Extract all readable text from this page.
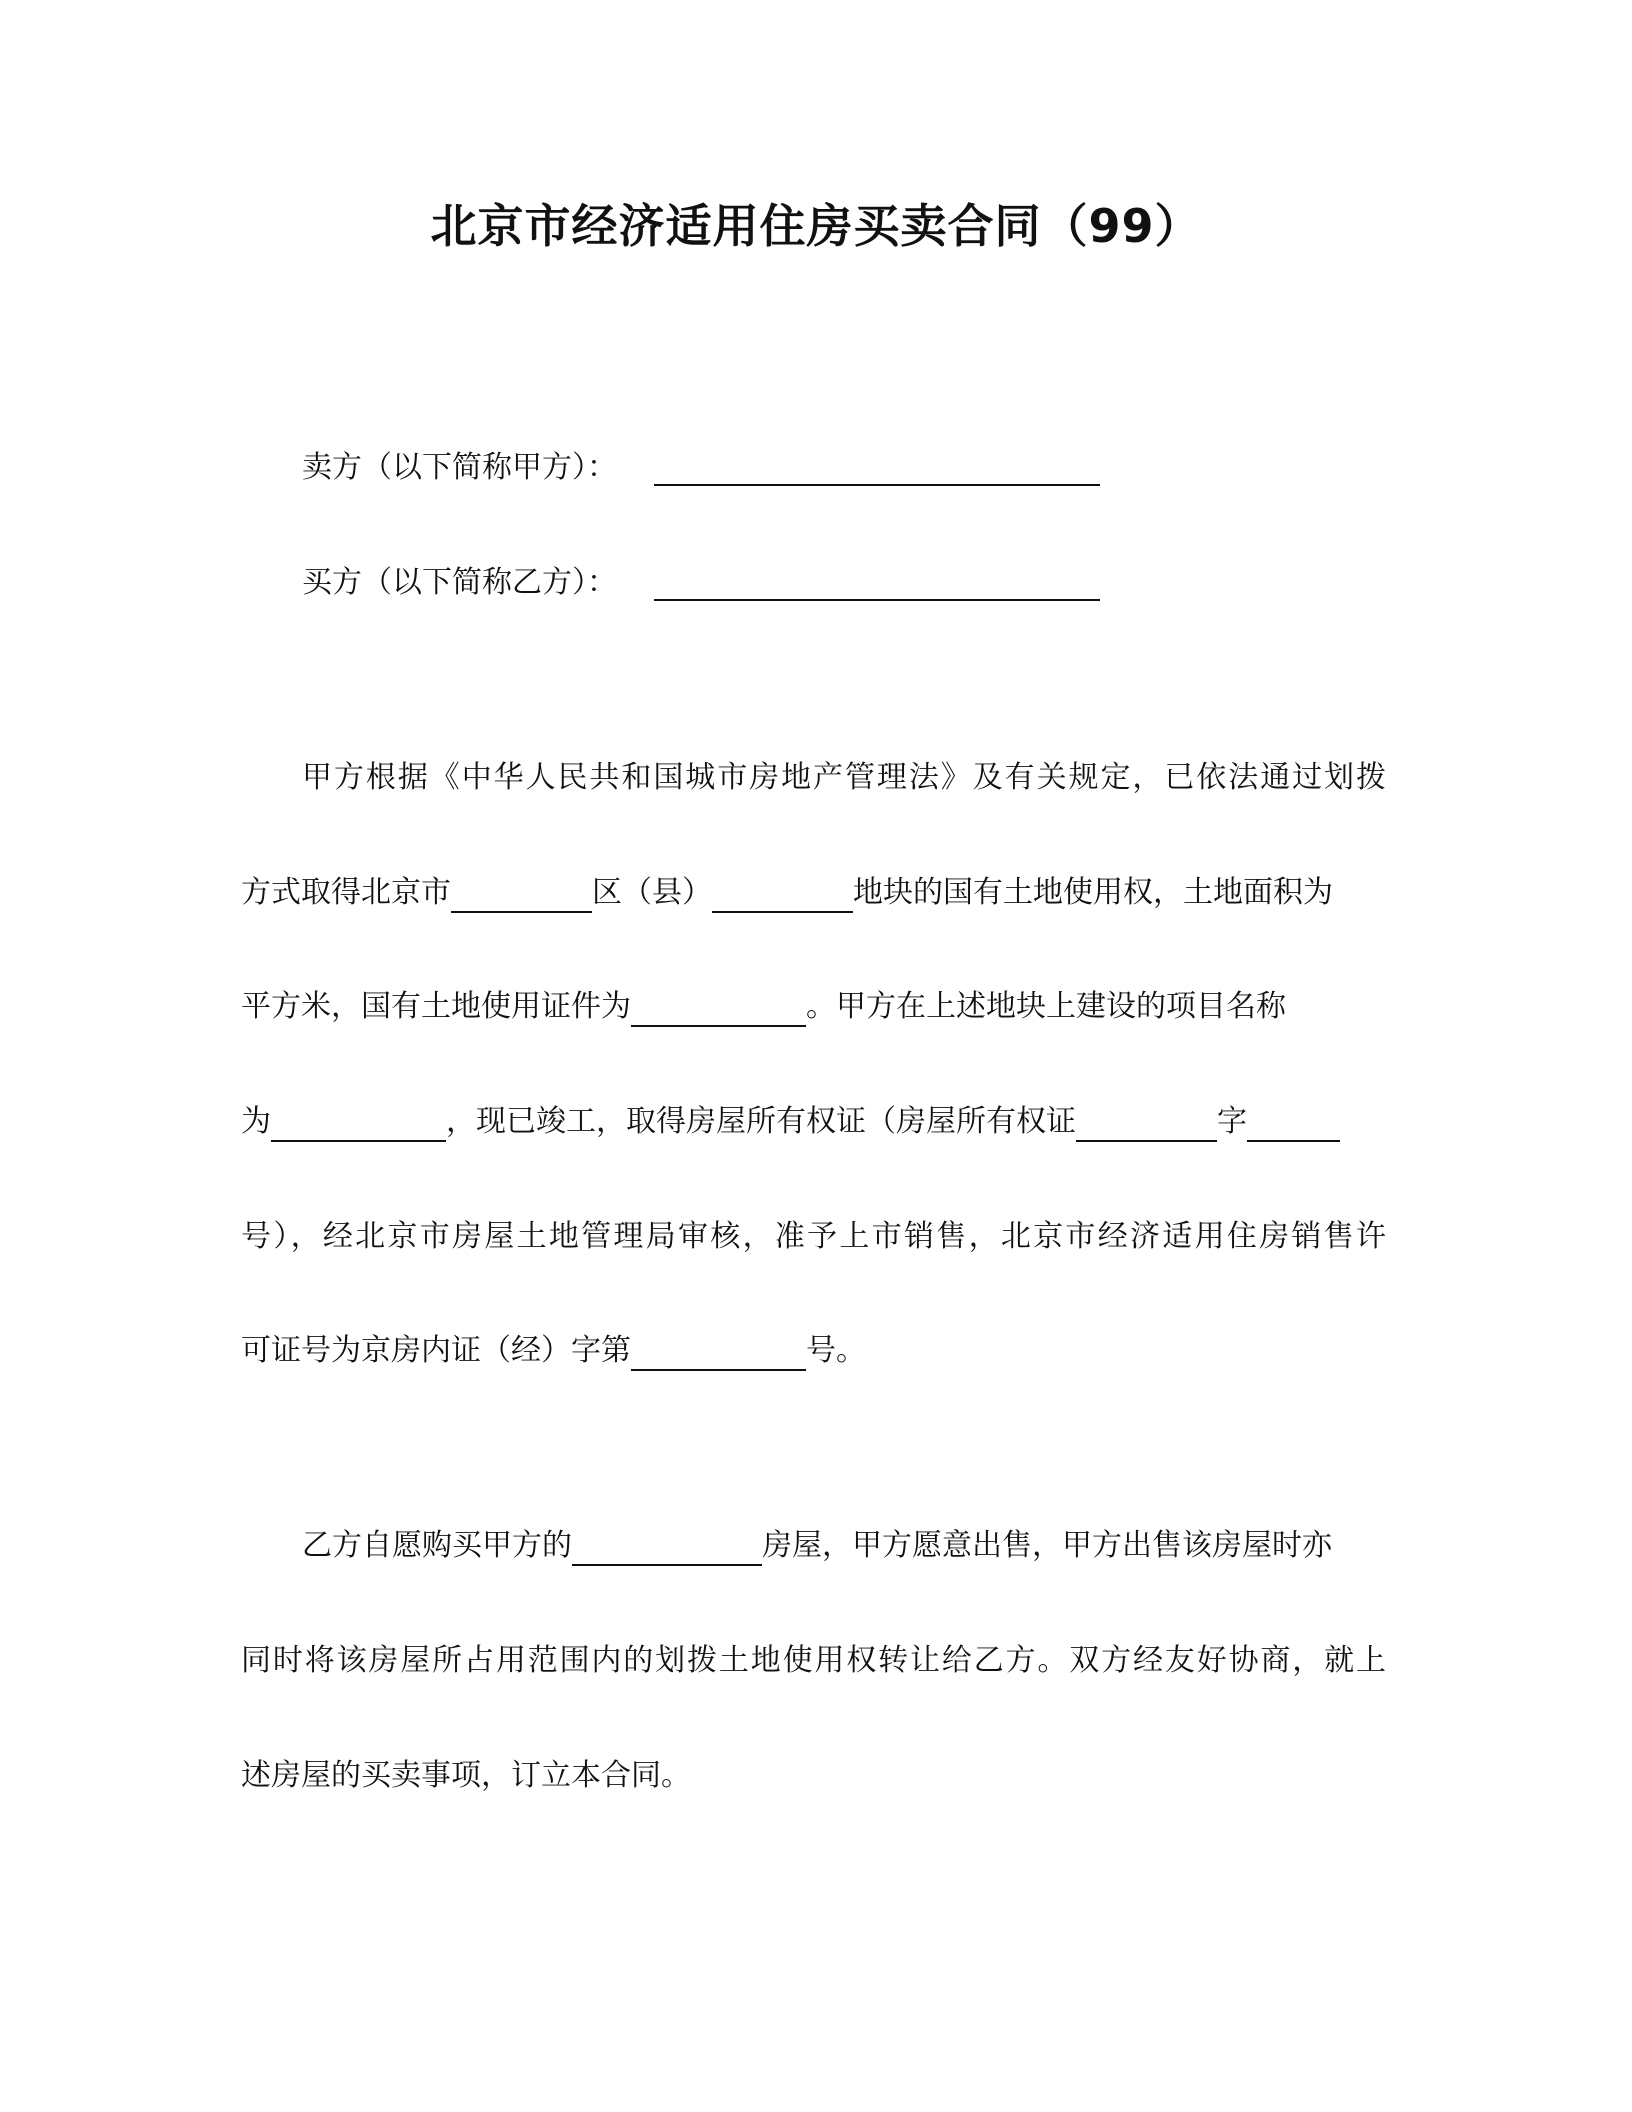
北京市经济适用住房买卖合同（99）
卖方（以下简称甲方）：
买方（以下简称乙方）：
甲方根据《中华人民共和国城市房地产管理法》及有关规定，已依法通过划拨
方式取得北京市	区（县）	地块的国有土地使用权，土地面积为
平方米，国有土地使用证件为	。甲方在上述地块上建设的项目名称
为	，现已竣工，取得房屋所有权证（房屋所有权证	字
号），经北京市房屋土地管理局审核，准予上市销售，北京市经济适用住房销售许
可证号为京房内证（经）字第	号。
乙方自愿购买甲方的	房屋，甲方愿意出售，甲方出售该房屋时亦
同时将该房屋所占用范围内的划拨土地使用权转让给乙方。双方经友好协商，就上
述房屋的买卖事项，订立本合同。
